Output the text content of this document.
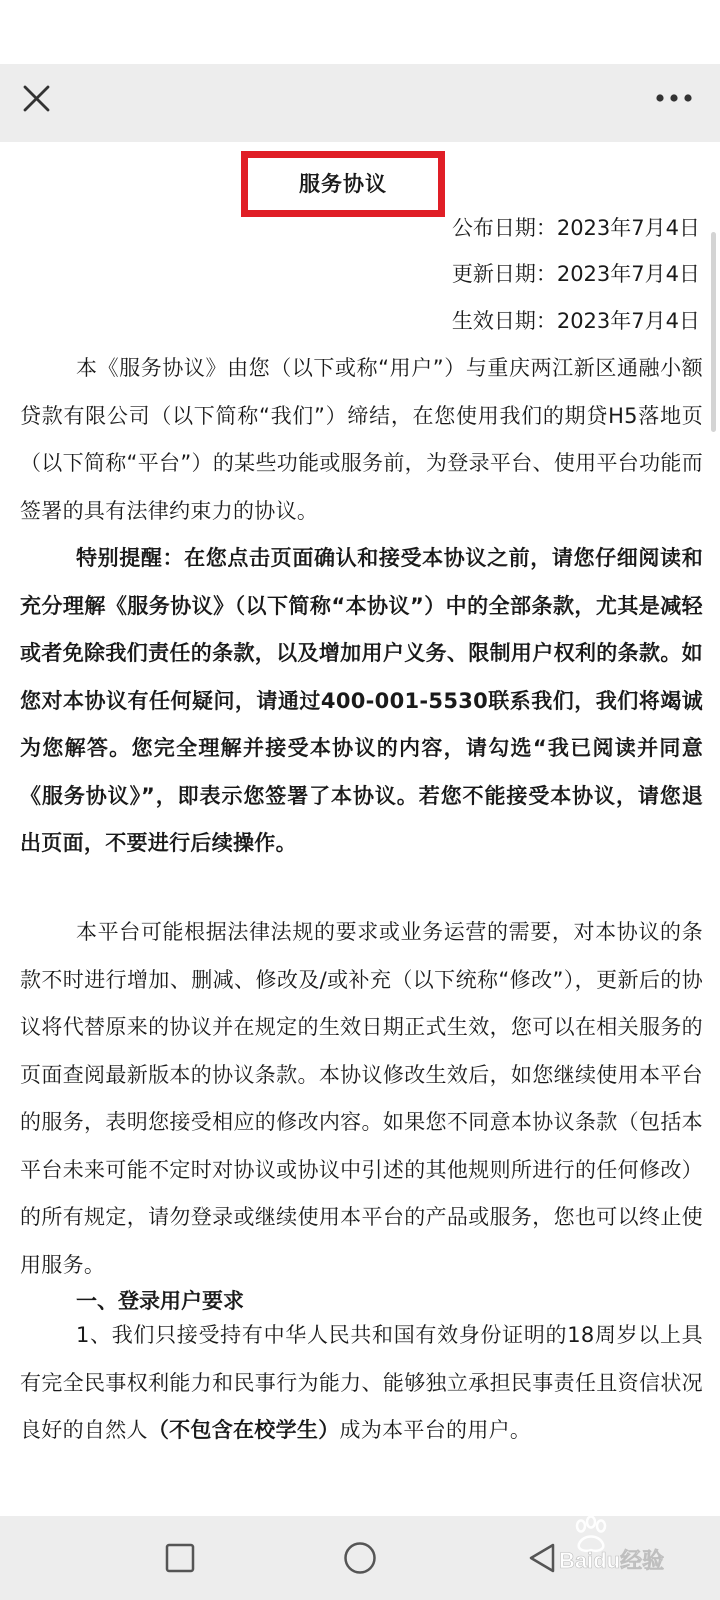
服务协议
公布日期：2023年7月4日
更新日期：2023年7月4日
生效日期：2023年7月4日

本《服务协议》由您（以下或称“用户”）与重庆两江新区通融小额贷款有限公司（以下简称“我们”）缔结，在您使用我们的期贷H5落地页（以下简称“平台”）的某些功能或服务前，为登录平台、使用平台功能而签署的具有法律约束力的协议。

特别提醒：在您点击页面确认和接受本协议之前，请您仔细阅读和充分理解《服务协议》（以下简称“本协议”）中的全部条款，尤其是减轻或者免除我们责任的条款，以及增加用户义务、限制用户权利的条款。如您对本协议有任何疑问，请通过400-001-5530联系我们，我们将竭诚为您解答。您完全理解并接受本协议的内容，请勾选“我已阅读并同意《服务协议》”，即表示您签署了本协议。若您不能接受本协议，请您退出页面，不要进行后续操作。

本平台可能根据法律法规的要求或业务运营的需要，对本协议的条款不时进行增加、删减、修改及/或补充（以下统称“修改”），更新后的协议将代替原来的协议并在规定的生效日期正式生效，您可以在相关服务的页面查阅最新版本的协议条款。本协议修改生效后，如您继续使用本平台的服务，表明您接受相应的修改内容。如果您不同意本协议条款（包括本平台未来可能不定时对协议或协议中引述的其他规则所进行的任何修改）的所有规定，请勿登录或继续使用本平台的产品或服务，您也可以终止使用服务。

一、登录用户要求

1、我们只接受持有中华人民共和国有效身份证明的18周岁以上具有完全民事权利能力和民事行为能力、能够独立承担民事责任且资信状况良好的自然人（不包含在校学生）成为本平台的用户。

Baidu经验
